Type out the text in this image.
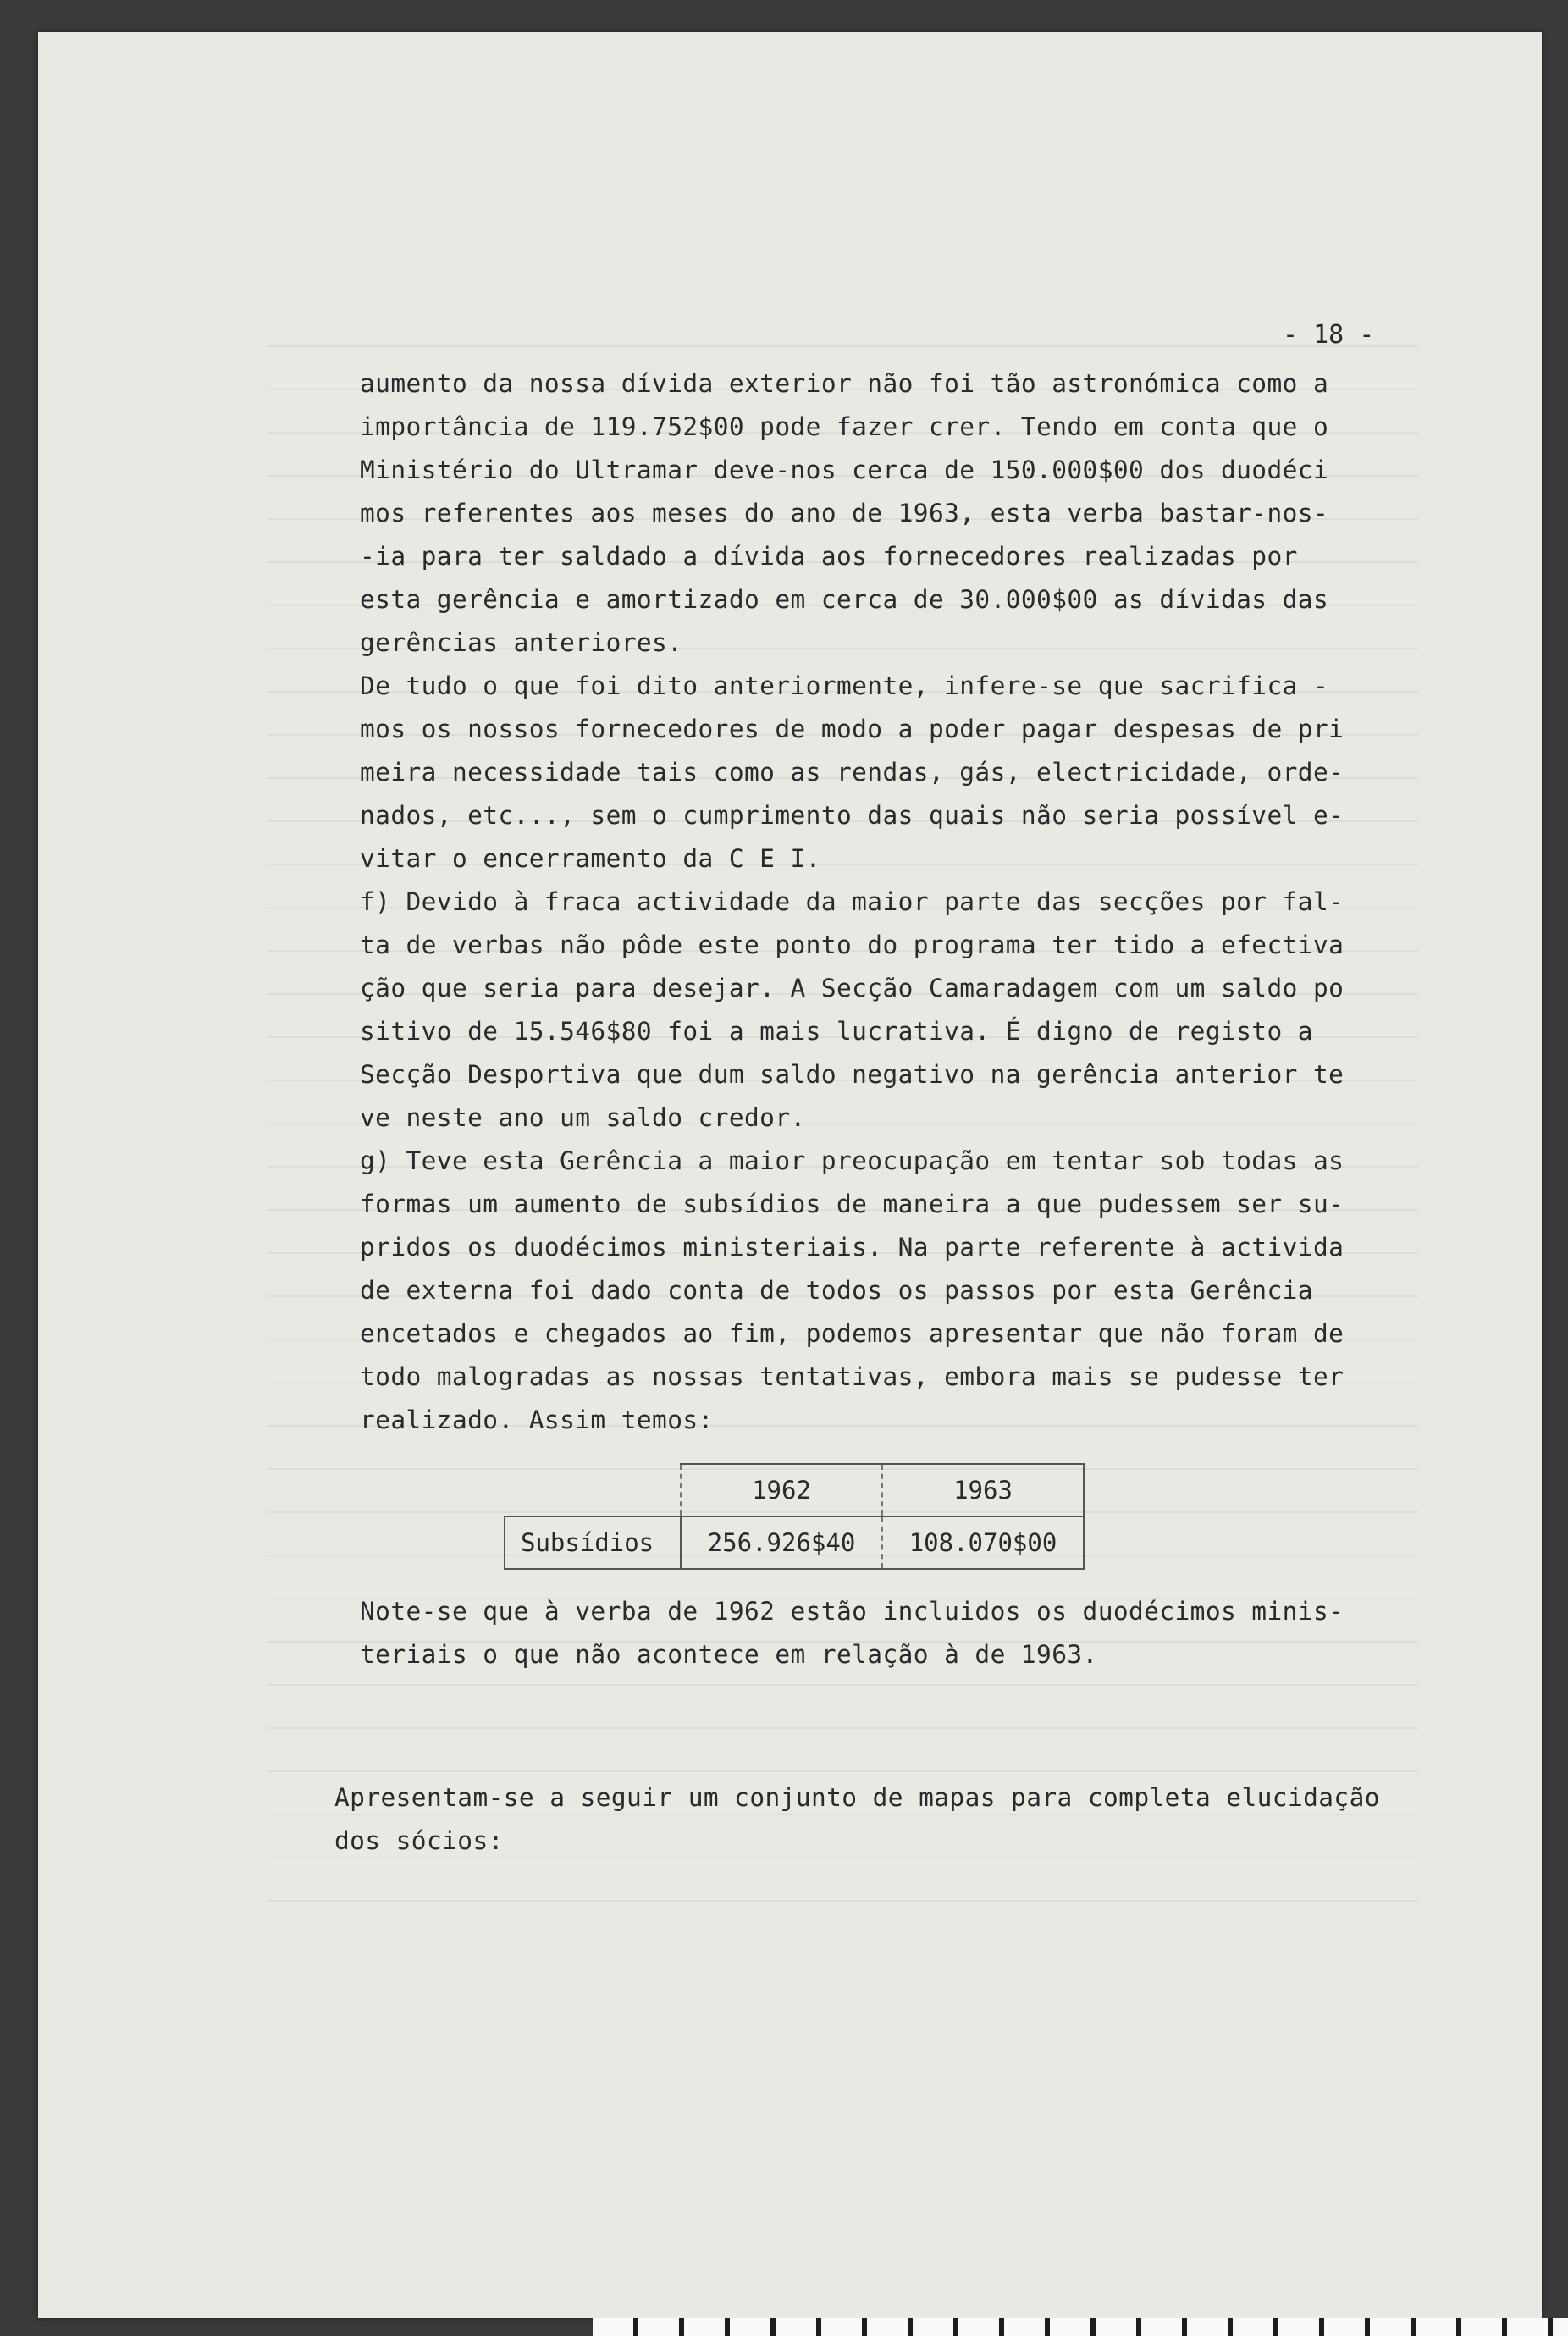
- 18 -
aumento da nossa dívida exterior não foi tão astronómica como a
importância de 119.752$00 pode fazer crer. Tendo em conta que o
Ministério do Ultramar deve-nos cerca de 150.000$00 dos duodéci
mos referentes aos meses do ano de 1963, esta verba bastar-nos-
-ia para ter saldado a dívida aos fornecedores realizadas por
esta gerência e amortizado em cerca de 30.000$00 as dívidas das
gerências anteriores.
De tudo o que foi dito anteriormente, infere-se que sacrifica -
mos os nossos fornecedores de modo a poder pagar despesas de pri
meira necessidade tais como as rendas, gás, electricidade, orde-
nados, etc..., sem o cumprimento das quais não seria possível e-
vitar o encerramento da C E I.
f) Devido à fraca actividade da maior parte das secções por fal-
ta de verbas não pôde este ponto do programa ter tido a efectiva
ção que seria para desejar. A Secção Camaradagem com um saldo po
sitivo de 15.546$80 foi a mais lucrativa. É digno de registo a
Secção Desportiva que dum saldo negativo na gerência anterior te
ve neste ano um saldo credor.
g) Teve esta Gerência a maior preocupação em tentar sob todas as
formas um aumento de subsídios de maneira a que pudessem ser su-
pridos os duodécimos ministeriais. Na parte referente à activida
de externa foi dado conta de todos os passos por esta Gerência
encetados e chegados ao fim, podemos apresentar que não foram de
todo malogradas as nossas tentativas, embora mais se pudesse ter
realizado. Assim temos:
	1962	1963
Subsídios	256.926$40	108.070$00
Note-se que à verba de 1962 estão incluidos os duodécimos minis-
teriais o que não acontece em relação à de 1963.
Apresentam-se a seguir um conjunto de mapas para completa elucidação
dos sócios:
